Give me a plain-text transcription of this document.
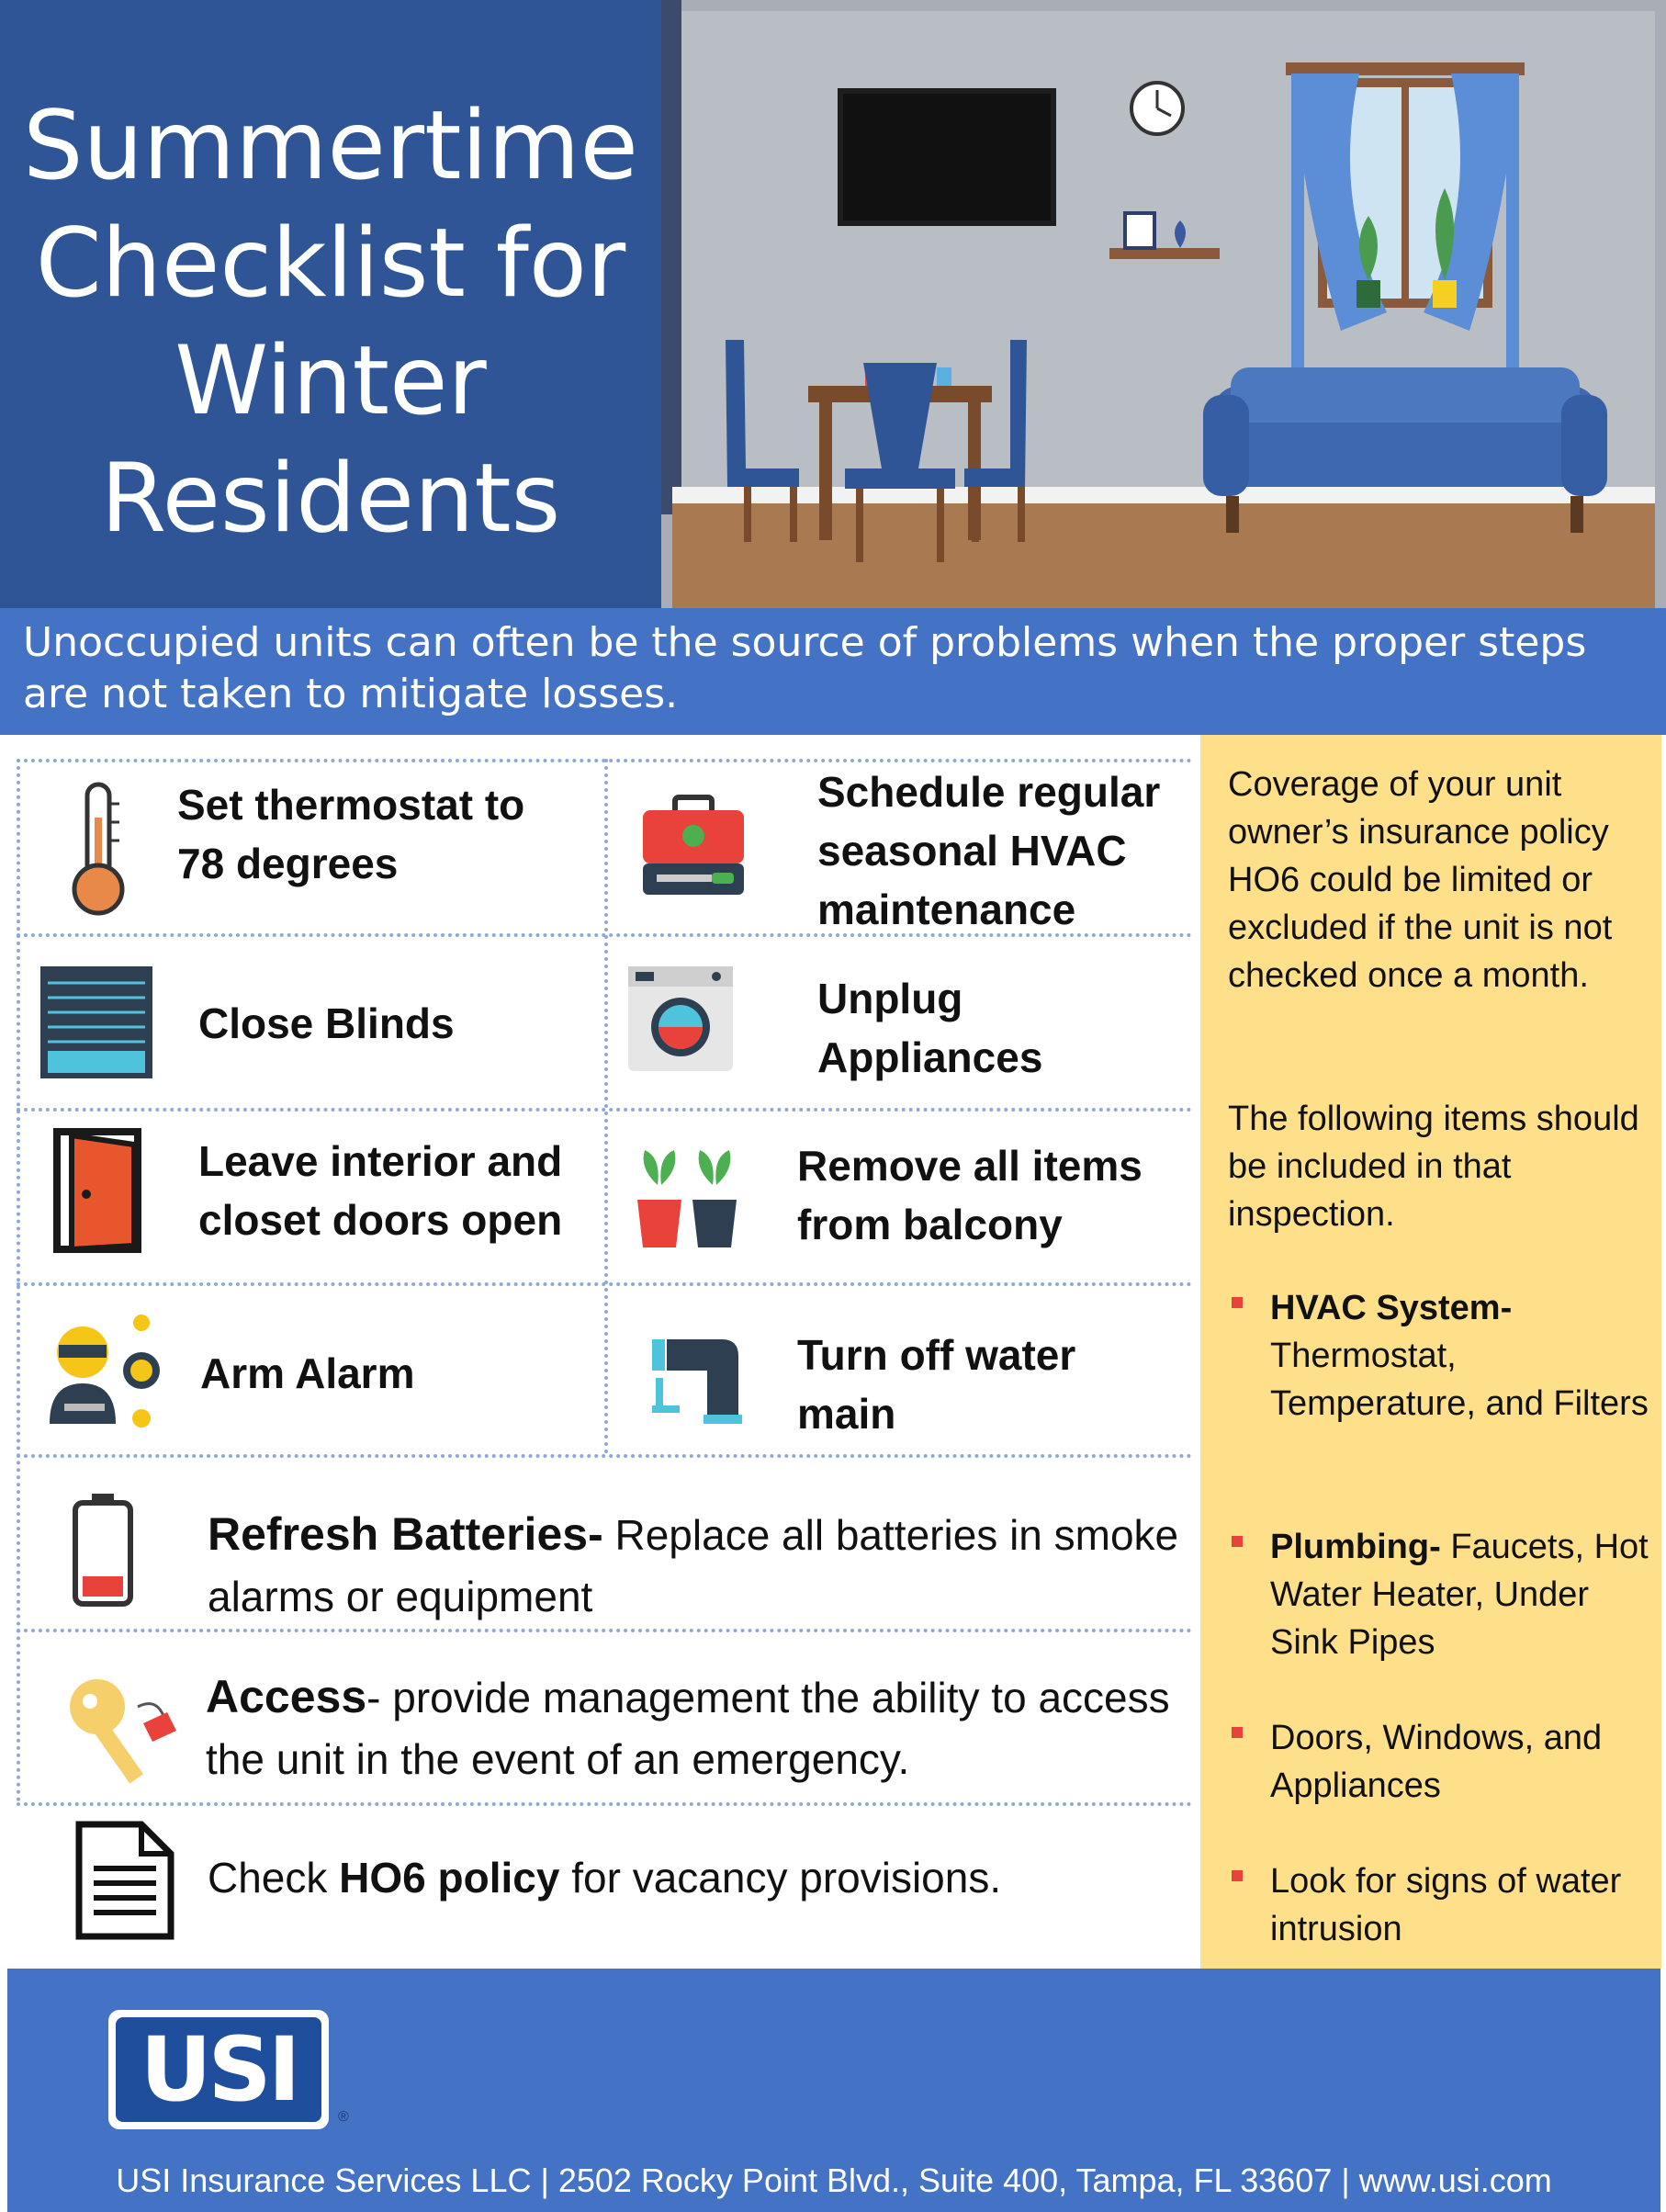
Summertime Checklist for Winter Residents
Unoccupied units can often be the source of problems when the proper steps are not taken to mitigate losses.
Set thermostat to
78 degrees
Schedule regular
seasonal HVAC
maintenance
Close Blinds
Unplug
Appliances
Leave interior and
closet doors open
Remove all items
from balcony
Arm Alarm	Turn off water
main
Refresh Batteries- Replace all batteries in smoke alarms or equipment
Access- provide management the ability to access the unit in the event of an emergency.
Check HO6 policy for vacancy provisions.
Coverage of your unit owner’s insurance policy HO6 could be limited or excluded if the unit is not checked once a month.
The following items should be included in that inspection.
HVAC System- Thermostat, Temperature, and Filters
Plumbing- Faucets, Hot Water Heater, Under Sink Pipes
Doors, Windows, and Appliances
Look for signs of water intrusion
USI	®
USI Insurance Services LLC | 2502 Rocky Point Blvd., Suite 400, Tampa, FL 33607 | www.usi.com
